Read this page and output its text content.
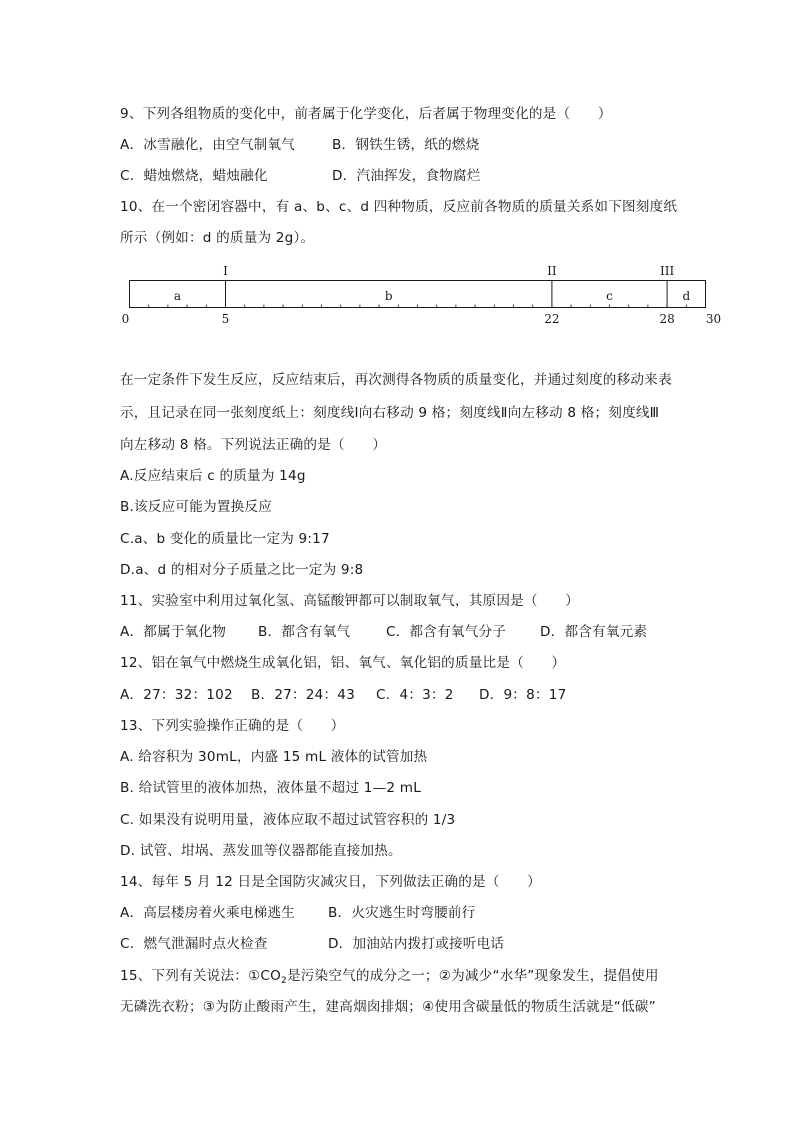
9、下列各组物质的变化中，前者属于化学变化，后者属于物理变化的是（　　）
A．冰雪融化，由空气制氧气	B．钢铁生锈，纸的燃烧
C．蜡烛燃烧，蜡烛融化	D．汽油挥发，食物腐烂
10、在一个密闭容器中，有 a、b、c、d 四种物质，反应前各物质的质量关系如下图刻度纸
所示（例如：d 的质量为 2g）。
I	II	III
a	b	c	d
0	5	22	28	30
在一定条件下发生反应，反应结束后，再次测得各物质的质量变化，并通过刻度的移动来表
示，且记录在同一张刻度纸上：刻度线Ⅰ向右移动 9 格；刻度线Ⅱ向左移动 8 格；刻度线Ⅲ
向左移动 8 格。下列说法正确的是（　　）
A.反应结束后 c 的质量为 14g
B.该反应可能为置换反应
C.a、b 变化的质量比一定为 9:17
D.a、d 的相对分子质量之比一定为 9:8
11、实验室中利用过氧化氢、高锰酸钾都可以制取氧气，其原因是（　　）
A．都属于氧化物	B．都含有氧气	C．都含有氧气分子	D．都含有氧元素
12、铝在氧气中燃烧生成氧化铝，铝、氧气、氧化铝的质量比是（　　）
A．27：32：102	B．27：24：43	C．4：3：2	D．9：8：17
13、下列实验操作正确的是（　　）
A. 给容积为 30mL，内盛 15 mL 液体的试管加热
B. 给试管里的液体加热，液体量不超过 1—2 mL
C. 如果没有说明用量，液体应取不超过试管容积的 1/3
D. 试管、坩埚、蒸发皿等仪器都能直接加热。
14、每年 5 月 12 日是全国防灾减灾日，下列做法正确的是（　　）
A．高层楼房着火乘电梯逃生	B．火灾逃生时弯腰前行
C．燃气泄漏时点火检查	D．加油站内拨打或接听电话
15、下列有关说法：$①CO_2$是污染空气的成分之一；②为减少“水华”现象发生，提倡使用
无磷洗衣粉；③为防止酸雨产生，建高烟囱排烟；④使用含碳量低的物质生活就是“低碳”
